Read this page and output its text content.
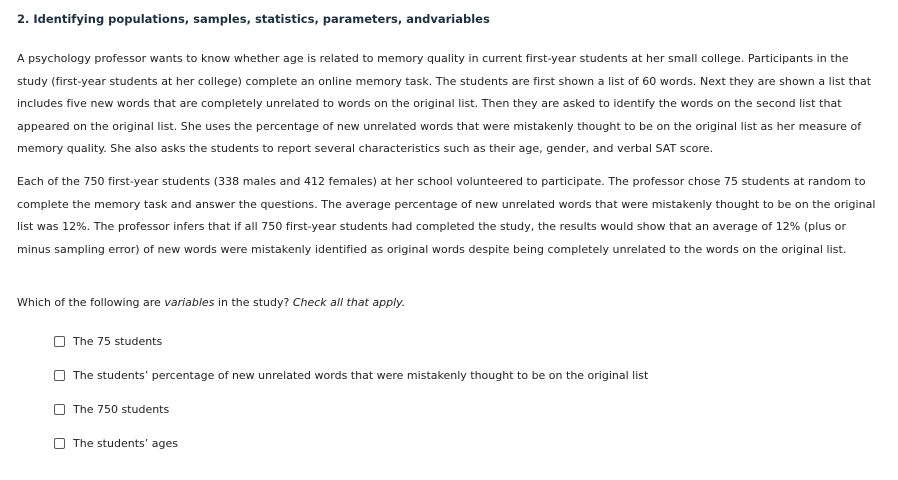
2. Identifying populations, samples, statistics, parameters, andvariables

A psychology professor wants to know whether age is related to memory quality in current first-year students at her small college. Participants in the study (first-year students at her college) complete an online memory task. The students are first shown a list of 60 words. Next they are shown a list that includes five new words that are completely unrelated to words on the original list. Then they are asked to identify the words on the second list that appeared on the original list. She uses the percentage of new unrelated words that were mistakenly thought to be on the original list as her measure of memory quality. She also asks the students to report several characteristics such as their age, gender, and verbal SAT score.

Each of the 750 first-year students (338 males and 412 females) at her school volunteered to participate. The professor chose 75 students at random to complete the memory task and answer the questions. The average percentage of new unrelated words that were mistakenly thought to be on the original list was 12%. The professor infers that if all 750 first-year students had completed the study, the results would show that an average of 12% (plus or minus sampling error) of new words were mistakenly identified as original words despite being completely unrelated to the words on the original list.

Which of the following are variables in the study? Check all that apply.
The 75 students
The students’ percentage of new unrelated words that were mistakenly thought to be on the original list
The 750 students
The students’ ages
